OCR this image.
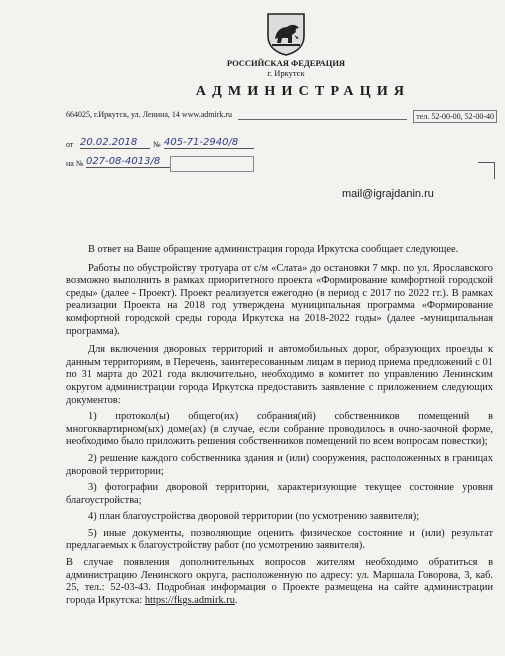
РОССИЙСКАЯ ФЕДЕРАЦИЯ
г. Иркутск
АДМИНИСТРАЦИЯ
664025, г.Иркутск, ул. Ленина, 14 www.admirk.ru	тел. 52-00-00, 52-00-40
от 20.02.2018	№ 405-71-2940/8
на № 027-08-4013/8
mail@igrajdanin.ru

В ответ на Ваше обращение администрация города Иркутска сообщает следующее.

Работы по обустройству тротуара от с/м «Слата» до остановки 7 мкр. по ул. Ярославского возможно выполнить в рамках приоритетного проекта «Формирование комфортной городской среды» (далее - Проект). Проект реализуется ежегодно (в период с 2017 по 2022 гг.). В рамках реализации Проекта на 2018 год утверждена муниципальная программа «Формирование комфортной городской среды города Иркутска на 2018-2022 годы» (далее -муниципальная программа).

Для включения дворовых территорий и автомобильных дорог, образующих проезды к данным территориям, в Перечень, заинтересованным лицам в период приема предложений с 01 по 31 марта до 2021 года включительно, необходимо в комитет по управлению Ленинским округом администрации города Иркутска предоставить заявление с приложением следующих документов:

1) протокол(ы) общего(их) собрания(ий) собственников помещений в многоквартирном(ых) доме(ах) (в случае, если собрание проводилось в очно-заочной форме, необходимо было приложить решения собственников помещений по всем вопросам повестки);

2) решение каждого собственника здания и (или) сооружения, расположенных в границах дворовой территории;

3) фотографии дворовой территории, характеризующие текущее состояние уровня благоустройства;

4) план благоустройства дворовой территории (по усмотрению заявителя);

5) иные документы, позволяющие оценить физическое состояние и (или) результат предлагаемых к благоустройству работ (по усмотрению заявителя).

В случае появления дополнительных вопросов жителям необходимо обратиться в администрацию Ленинского округа, расположенную по адресу: ул. Маршала Говорова, 3, каб. 25, тел.: 52-03-43. Подробная информация о Проекте размещена на сайте администрации города Иркутска: https://fkgs.admirk.ru.
